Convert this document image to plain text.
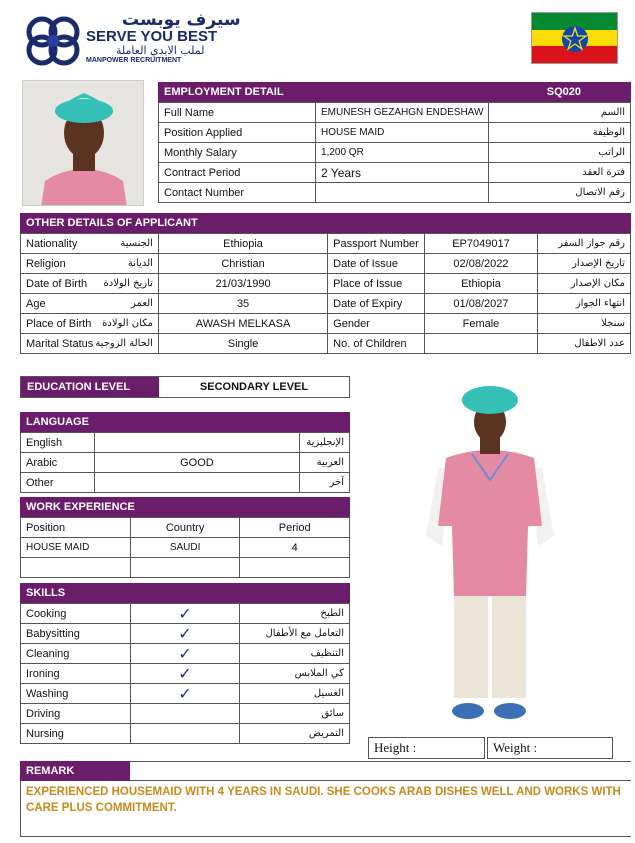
سيرف يوبست
SERVE YOU BEST
لملب الايدي العاملة
MANPOWER RECRUITMENT
EMPLOYMENT DETAIL	SQ020
Full Name	EMUNESH GEZAHGN ENDESHAW	االسم
Position Applied	HOUSE MAID	الوظيفة
Monthly Salary	1,200 QR	الراتب
Contract Period	2 Years	فترة العقد
Contact Number		رقم الاتصال
OTHER DETAILS OF APPLICANT
Nationality الجنسية	Ethiopia	Passport Number	EP7049017	رقم جواز السفر

Religion الديانة	Christian	Date of Issue	02/08/2022	تاريخ الإصدار

Date of Birth تاريخ الولادة	21/03/1990	Place of Issue	Ethiopia	مكان الإصدار

Age العمر	35	Date of Expiry	01/08/2027	انتهاء الجواز

Place of Birth مكان الولادة	AWASH MELKASA	Gender	Female	سنجلا

Marital Status الحالة الزوجية	Single	No. of Children		عدد الاطفال
EDUCATION LEVEL	SECONDARY LEVEL
LANGUAGE
English		الإنجليزية
Arabic	GOOD	العربية
Other		آخر
WORK EXPERIENCE
Position	Country	Period
HOUSE MAID	SAUDI	4

SKILLS
Cooking	✓	الطبخ
Babysitting	✓	التعامل مع الأطفال
Cleaning	✓	التنظيف
Ironing	✓	كي الملابس
Washing	✓	الغسيل
Driving		سائق
Nursing		التمريض
Height :	Weight :
REMARK
EXPERIENCED HOUSEMAID WITH 4 YEARS IN SAUDI. SHE COOKS ARAB DISHES WELL AND WORKS WITH CARE PLUS COMMITMENT.
